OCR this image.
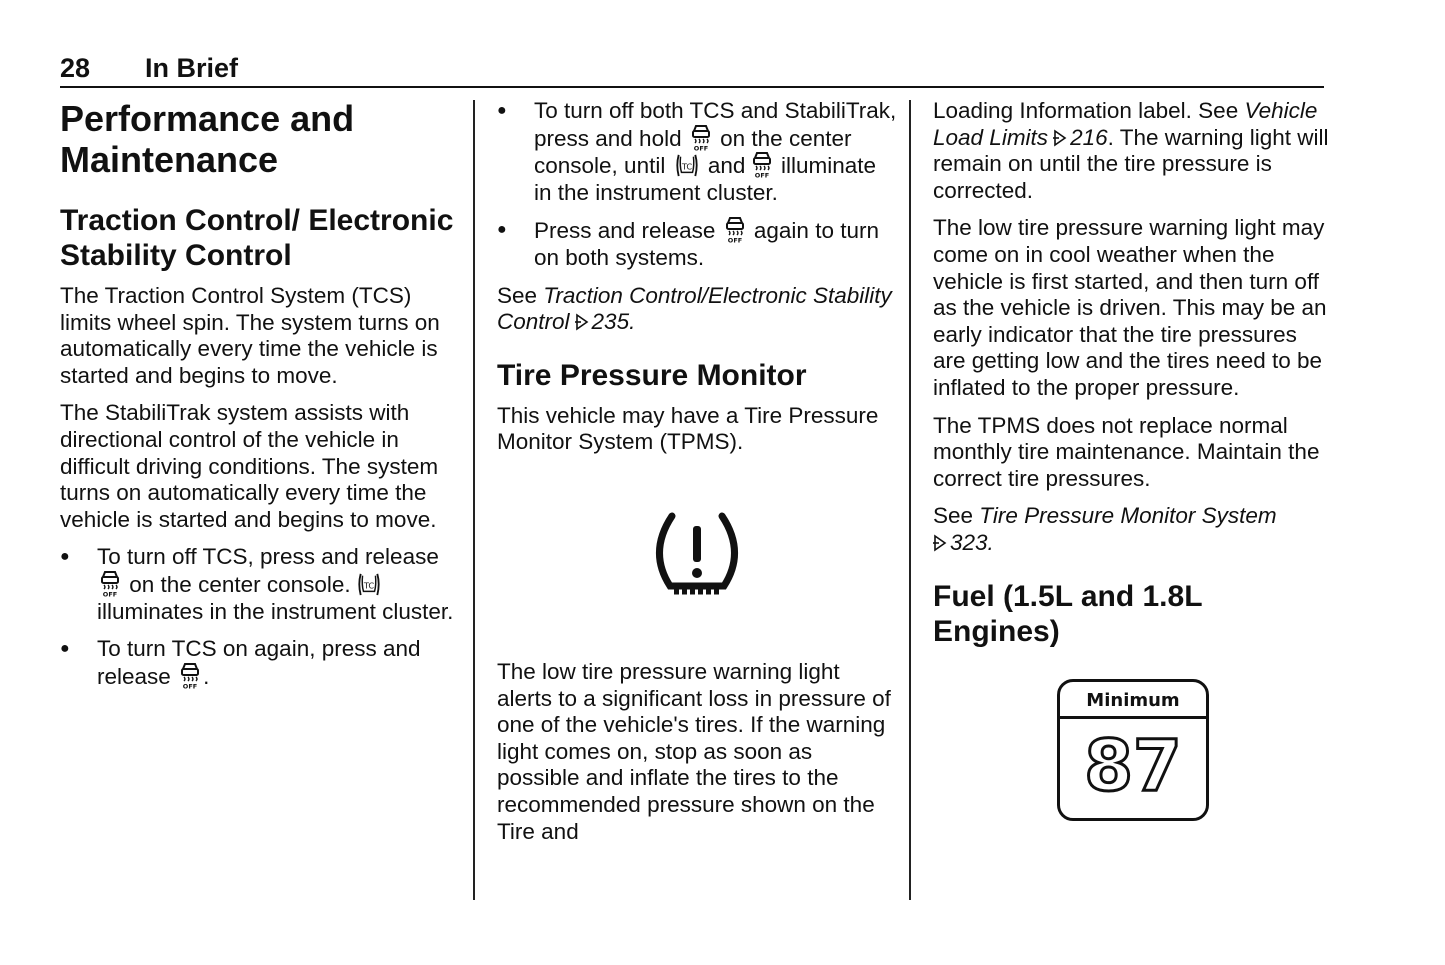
28 In Brief
Performance and Maintenance
Traction Control/ Electronic Stability Control

The Traction Control System (TCS) limits wheel spin. The system turns on automatically every time the vehicle is started and begins to move.

The StabiliTrak system assists with directional control of the vehicle in difficult driving conditions. The system turns on automatically every time the vehicle is started and begins to move.

● To turn off TCS, press and release  on the center console.  illuminates in the instrument cluster.
● To turn TCS on again, press and release .
● To turn off both TCS and StabiliTrak, press and hold on the center console, until and illuminate in the instrument cluster.
● Press and release again to turn on both systems.

See Traction Control/Electronic Stability Control 235.

Tire Pressure Monitor

This vehicle may have a Tire Pressure Monitor System (TPMS).

The low tire pressure warning light alerts to a significant loss in pressure of one of the vehicle's tires. If the warning light comes on, stop as soon as possible and inflate the tires to the recommended pressure shown on the Tire and

Loading Information label. See Vehicle Load Limits 216. The warning light will remain on until the tire pressure is corrected.

The low tire pressure warning light may come on in cool weather when the vehicle is first started, and then turn off as the vehicle is driven. This may be an early indicator that the tire pressures are getting low and the tires need to be inflated to the proper pressure.

The TPMS does not replace normal monthly tire maintenance. Maintain the correct tire pressures.

See Tire Pressure Monitor System
323.

Fuel (1.5L and 1.8L Engines)
Minimum
87
